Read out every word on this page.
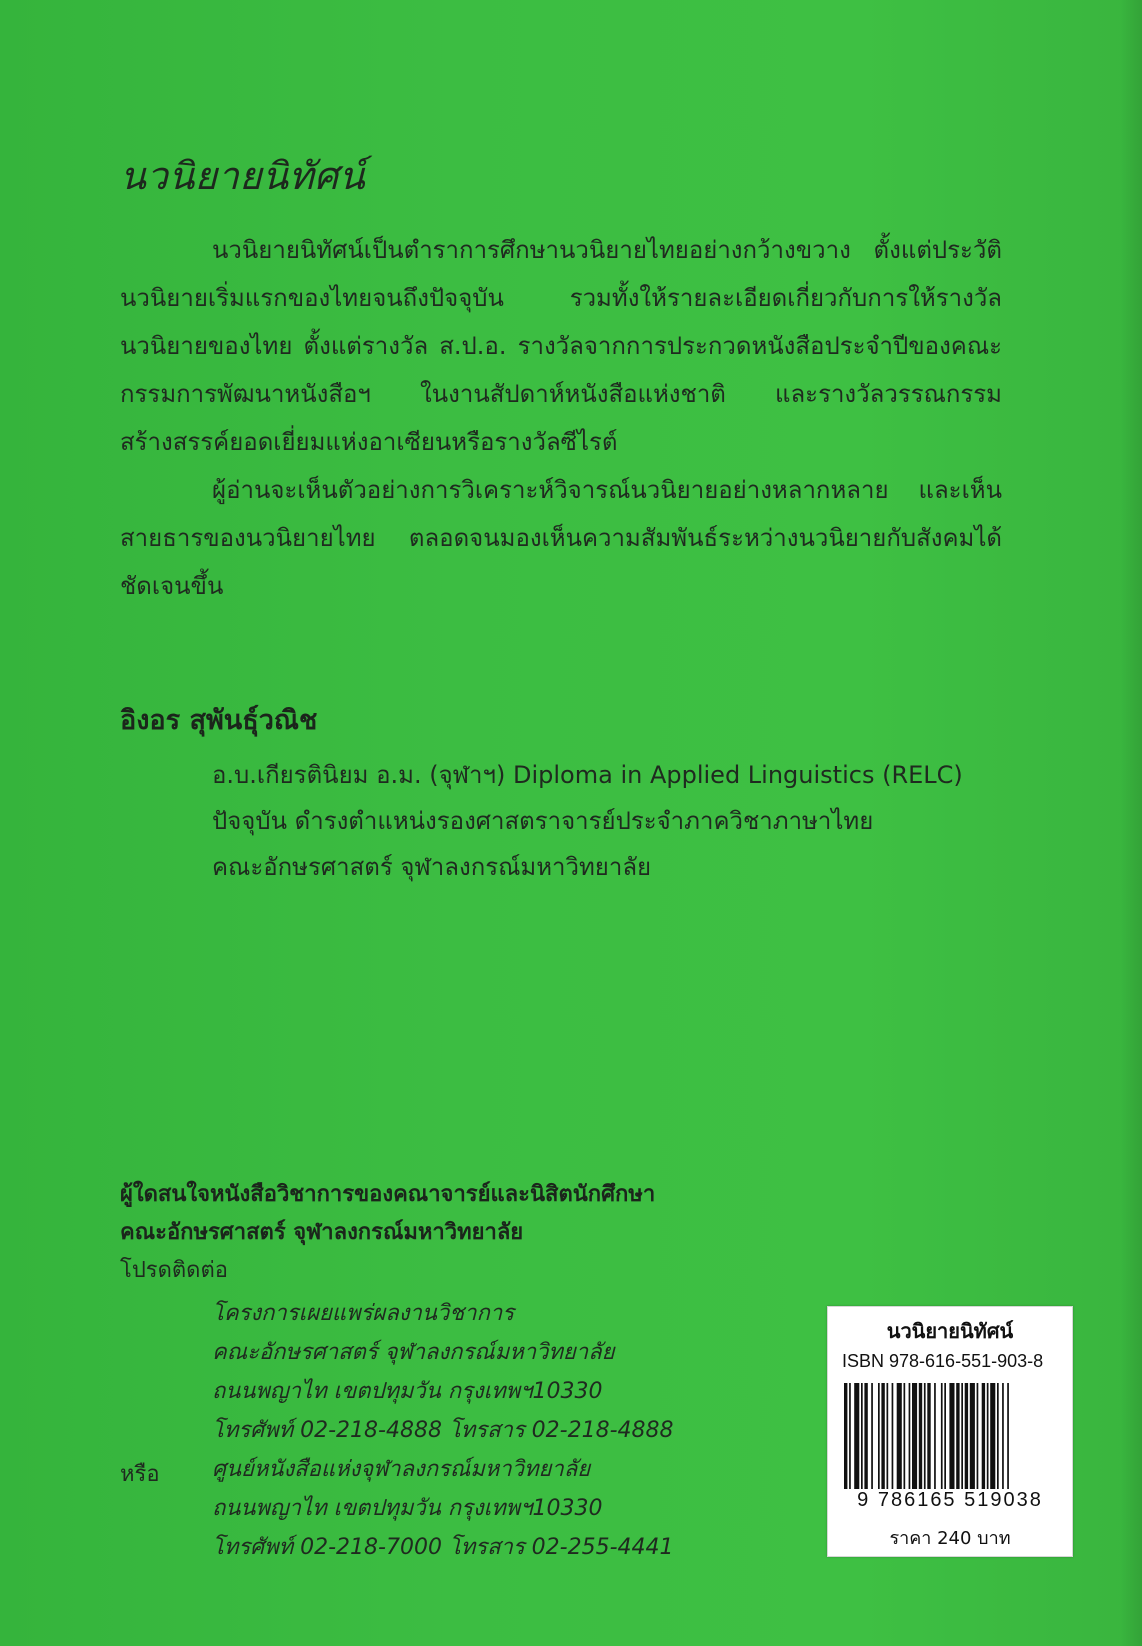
นวนิยายนิทัศน์

นวนิยายนิทัศน์เป็นตำราการศึกษานวนิยายไทยอย่างกว้างขวาง ตั้งแต่ประวัตินวนิยายเริ่มแรกของไทยจนถึงปัจจุบัน รวมทั้งให้รายละเอียดเกี่ยวกับการให้รางวัลนวนิยายของไทย ตั้งแต่รางวัล ส.ป.อ. รางวัลจากการประกวดหนังสือประจำปีของคณะกรรมการพัฒนาหนังสือฯ ในงานสัปดาห์หนังสือแห่งชาติ และรางวัลวรรณกรรมสร้างสรรค์ยอดเยี่ยมแห่งอาเซียนหรือรางวัลซีไรต์

ผู้อ่านจะเห็นตัวอย่างการวิเคราะห์วิจารณ์นวนิยายอย่างหลากหลาย และเห็นสายธารของนวนิยายไทย ตลอดจนมองเห็นความสัมพันธ์ระหว่างนวนิยายกับสังคมได้ชัดเจนขึ้น

อิงอร สุพันธุ์วณิช
อ.บ.เกียรตินิยม อ.ม. (จุฬาฯ) Diploma in Applied Linguistics (RELC)
ปัจจุบัน ดำรงตำแหน่งรองศาสตราจารย์ประจำภาควิชาภาษาไทย
คณะอักษรศาสตร์ จุฬาลงกรณ์มหาวิทยาลัย
ผู้ใดสนใจหนังสือวิชาการของคณาจารย์และนิสิตนักศึกษา
คณะอักษรศาสตร์ จุฬาลงกรณ์มหาวิทยาลัย
โปรดติดต่อ
โครงการเผยแพร่ผลงานวิชาการ
คณะอักษรศาสตร์ จุฬาลงกรณ์มหาวิทยาลัย
ถนนพญาไท เขตปทุมวัน กรุงเทพฯ10330
โทรศัพท์ 02-218-4888 โทรสาร 02-218-4888
หรือ ศูนย์หนังสือแห่งจุฬาลงกรณ์มหาวิทยาลัย
ถนนพญาไท เขตปทุมวัน กรุงเทพฯ10330
โทรศัพท์ 02-218-7000 โทรสาร 02-255-4441
นวนิยายนิทัศน์
ISBN 978-616-551-903-8
9 786165 519038
ราคา 240 บาท
